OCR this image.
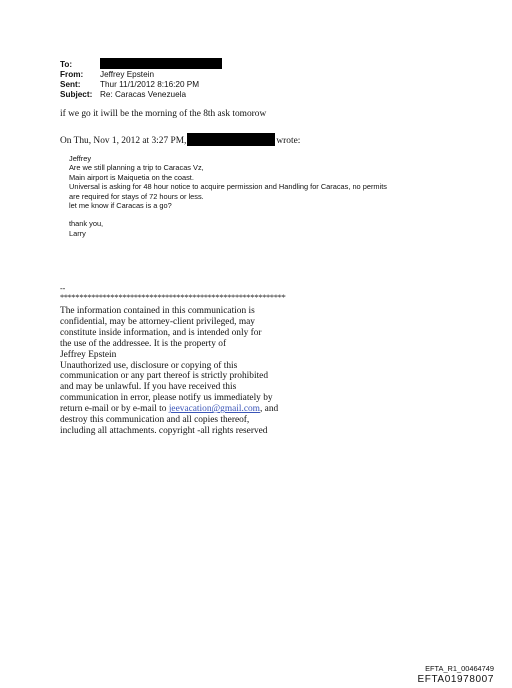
To:
From:	Jeffrey Epstein
Sent:	Thur 11/1/2012 8:16:20 PM
Subject: Re: Caracas Venezuela
if we go it iwill be the morning of the 8th ask tomorow
On Thu, Nov 1, 2012 at 3:27 PM,	wrote:
Jeffrey
Are we still planning a trip to Caracas Vz,
Main airport is Maiquetia on the coast.
Universal is asking for 48 hour notice to acquire permission and Handling for Caracas, no permits
are required for stays of 72 hours or less.
let me know if Caracas is a go?
thank you,
Larry
--
**********************************************************
The information contained in this communication is
confidential, may be attorney-client privileged, may
constitute inside information, and is intended only for
the use of the addressee. It is the property of
Jeffrey Epstein
Unauthorized use, disclosure or copying of this
communication or any part thereof is strictly prohibited
and may be unlawful. If you have received this
communication in error, please notify us immediately by
return e-mail or by e-mail to jeevacation@gmail.com, and
destroy this communication and all copies thereof,
including all attachments. copyright -all rights reserved
EFTA_R1_00464749
EFTA01978007
